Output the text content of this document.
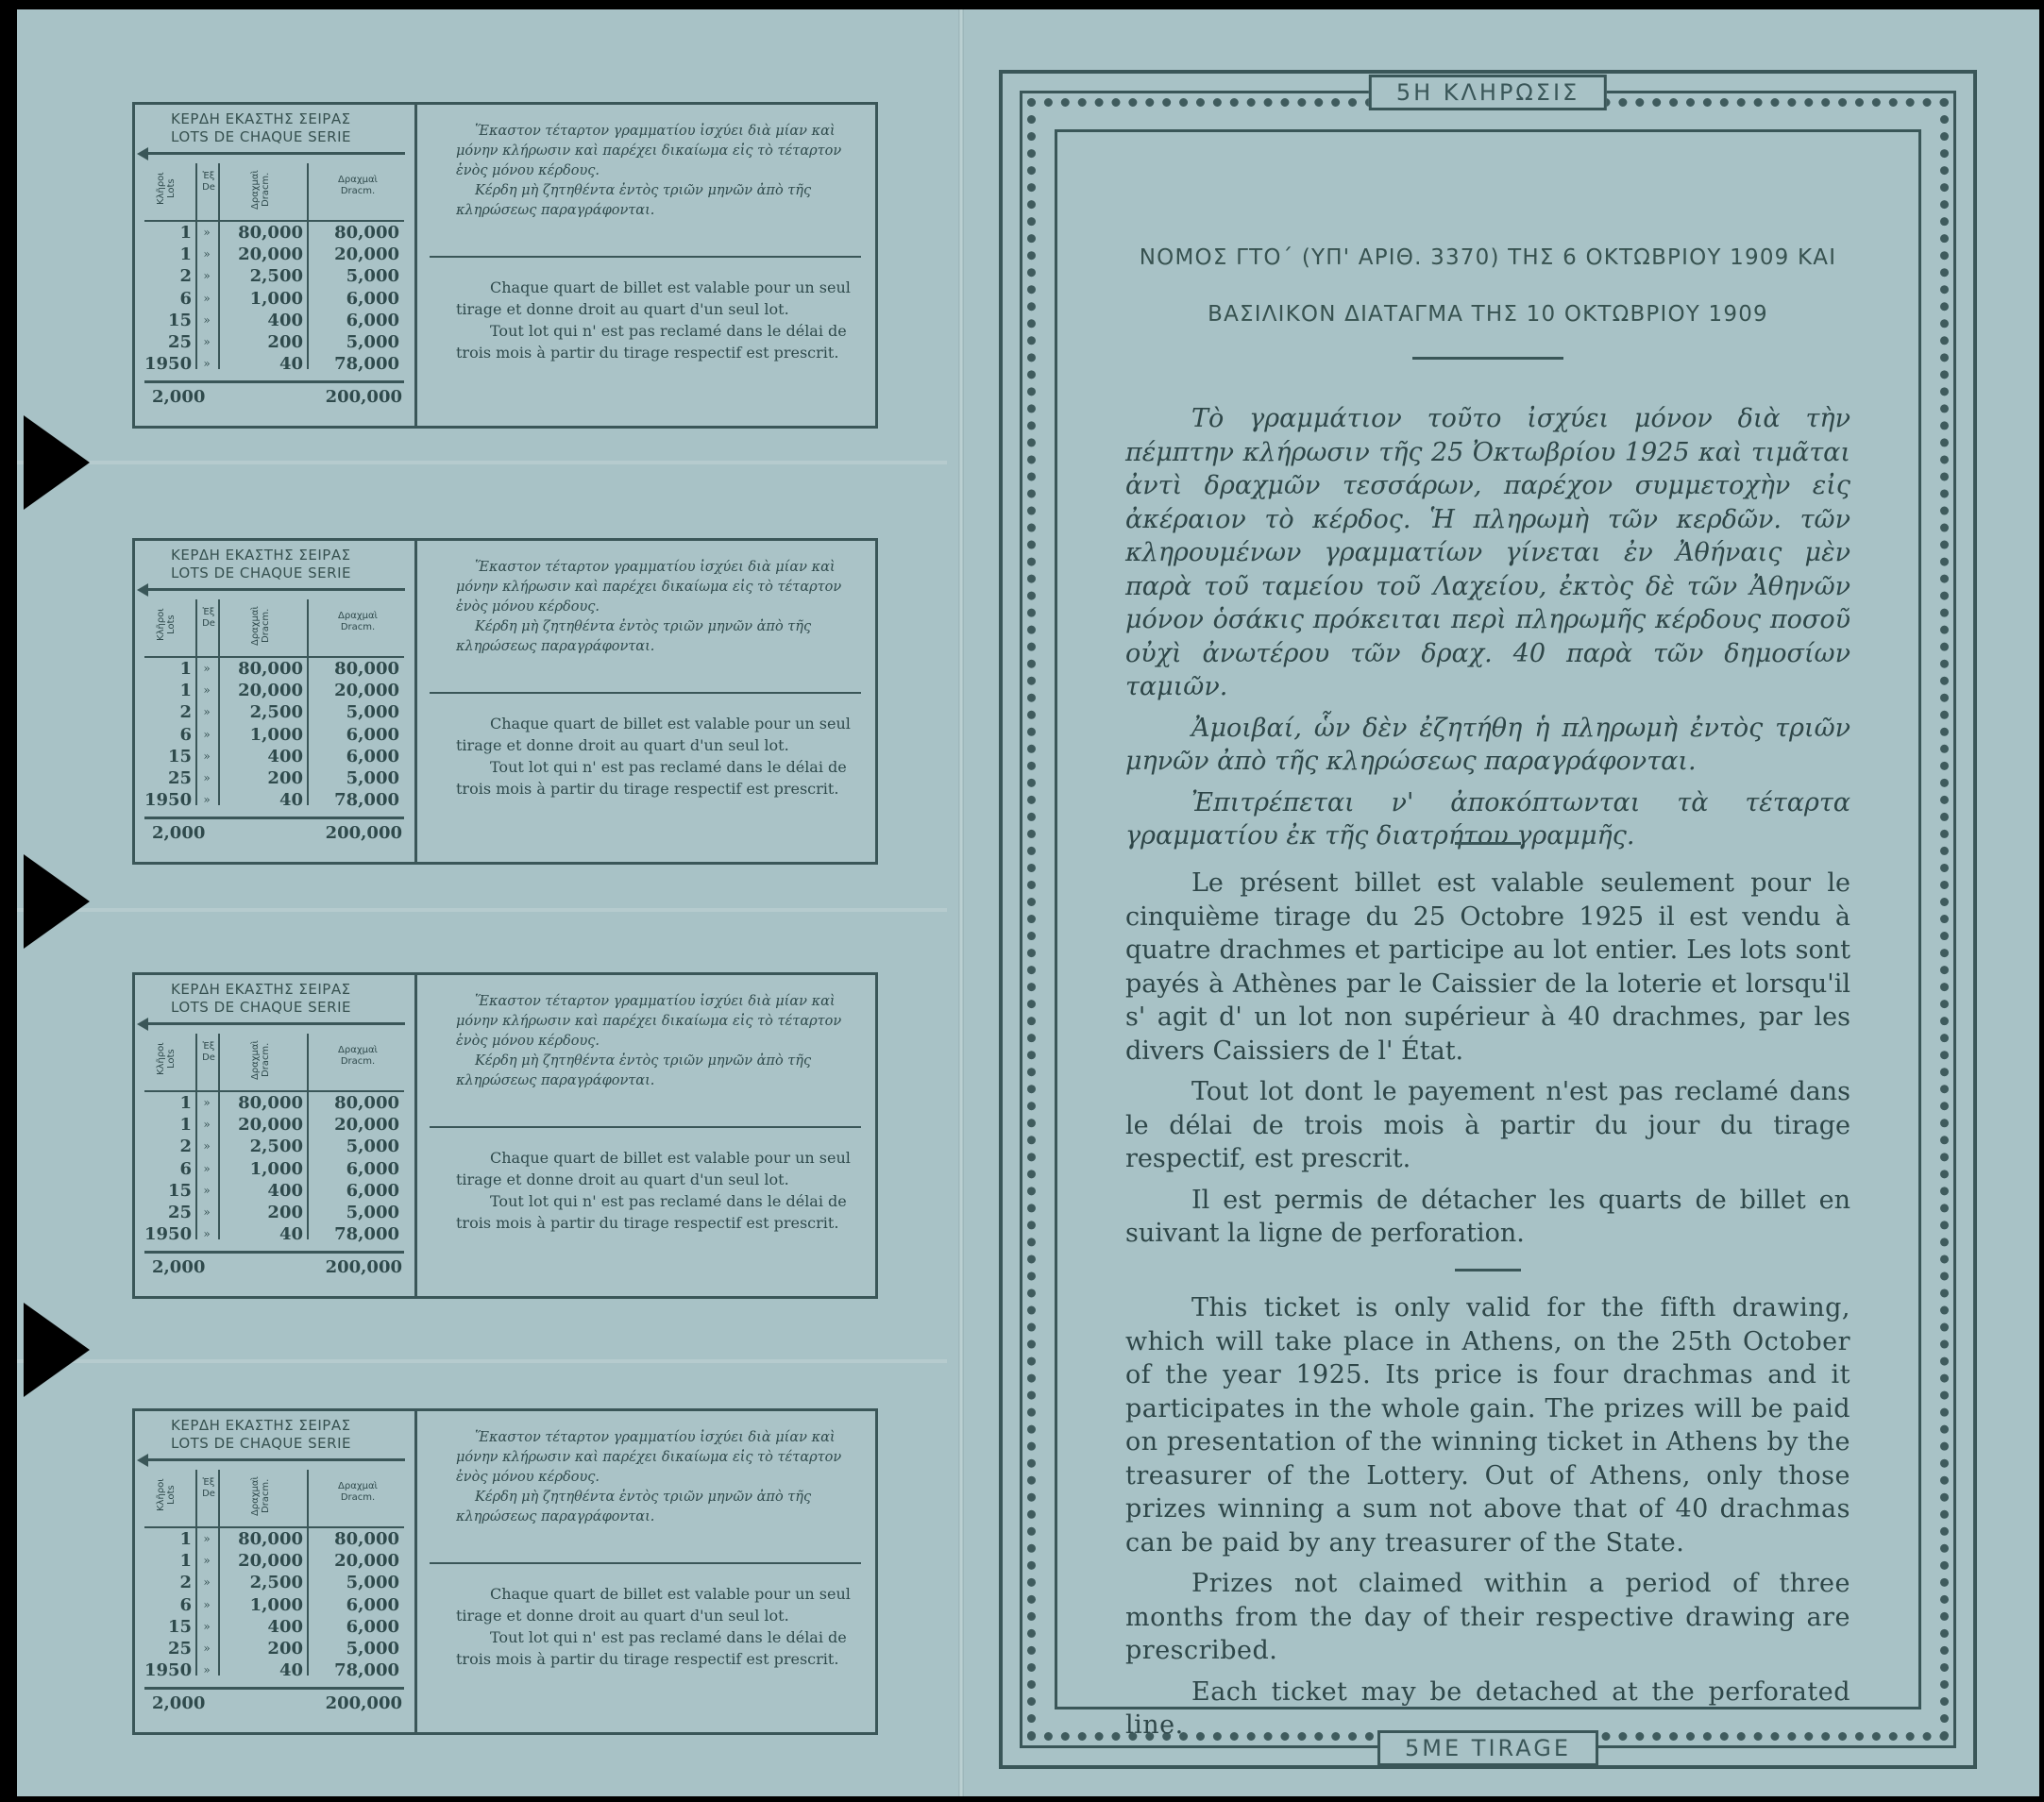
ΚΕΡΔΗ ΕΚΑΣΤΗΣ ΣΕΙΡΑΣ
LOTS DE CHAQUE SERIE
Κλῆροι Lots
Ἐξ De	Δραχμαὶ Dracm.	Δραχμαὶ Dracm.
1	»	80,000	80,000
1	»	20,000	20,000
2	»	2,500	5,000
6	»	1,000	6,000
15	»	400	6,000
25	»	200	5,000
1950	»	40	78,000
2,000	200,000

Ἕκαστον τέταρτον γραμματίου ἰσχύει διὰ μίαν καὶ μόνην κλήρωσιν καὶ παρέχει δικαίωμα εἰς τὸ τέταρτον ἑνὸς μόνου κέρδους.

Κέρδη μὴ ζητηθέντα ἐντὸς τριῶν μηνῶν ἀπὸ τῆς κληρώσεως παραγράφονται.

Chaque quart de billet est valable pour un seul tirage et donne droit au quart d'un seul lot.

Tout lot qui n' est pas reclamé dans le délai de trois mois à partir du tirage respectif est prescrit.

ΚΕΡΔΗ ΕΚΑΣΤΗΣ ΣΕΙΡΑΣ
LOTS DE CHAQUE SERIE
Κλῆροι Lots
Ἐξ De	Δραχμαὶ Dracm.	Δραχμαὶ Dracm.
1	»	80,000	80,000
1	»	20,000	20,000
2	»	2,500	5,000
6	»	1,000	6,000
15	»	400	6,000
25	»	200	5,000
1950	»	40	78,000
2,000	200,000

Ἕκαστον τέταρτον γραμματίου ἰσχύει διὰ μίαν καὶ μόνην κλήρωσιν καὶ παρέχει δικαίωμα εἰς τὸ τέταρτον ἑνὸς μόνου κέρδους.

Κέρδη μὴ ζητηθέντα ἐντὸς τριῶν μηνῶν ἀπὸ τῆς κληρώσεως παραγράφονται.

Chaque quart de billet est valable pour un seul tirage et donne droit au quart d'un seul lot.

Tout lot qui n' est pas reclamé dans le délai de trois mois à partir du tirage respectif est prescrit.

ΚΕΡΔΗ ΕΚΑΣΤΗΣ ΣΕΙΡΑΣ
LOTS DE CHAQUE SERIE
Κλῆροι Lots
Ἐξ De	Δραχμαὶ Dracm.	Δραχμαὶ Dracm.
1	»	80,000	80,000
1	»	20,000	20,000
2	»	2,500	5,000
6	»	1,000	6,000
15	»	400	6,000
25	»	200	5,000
1950	»	40	78,000
2,000	200,000

Ἕκαστον τέταρτον γραμματίου ἰσχύει διὰ μίαν καὶ μόνην κλήρωσιν καὶ παρέχει δικαίωμα εἰς τὸ τέταρτον ἑνὸς μόνου κέρδους.

Κέρδη μὴ ζητηθέντα ἐντὸς τριῶν μηνῶν ἀπὸ τῆς κληρώσεως παραγράφονται.

Chaque quart de billet est valable pour un seul tirage et donne droit au quart d'un seul lot.

Tout lot qui n' est pas reclamé dans le délai de trois mois à partir du tirage respectif est prescrit.

ΚΕΡΔΗ ΕΚΑΣΤΗΣ ΣΕΙΡΑΣ
LOTS DE CHAQUE SERIE
Κλῆροι Lots
Ἐξ De	Δραχμαὶ Dracm.	Δραχμαὶ Dracm.
1	»	80,000	80,000
1	»	20,000	20,000
2	»	2,500	5,000
6	»	1,000	6,000
15	»	400	6,000
25	»	200	5,000
1950	»	40	78,000
2,000	200,000

Ἕκαστον τέταρτον γραμματίου ἰσχύει διὰ μίαν καὶ μόνην κλήρωσιν καὶ παρέχει δικαίωμα εἰς τὸ τέταρτον ἑνὸς μόνου κέρδους.

Κέρδη μὴ ζητηθέντα ἐντὸς τριῶν μηνῶν ἀπὸ τῆς κληρώσεως παραγράφονται.

Chaque quart de billet est valable pour un seul tirage et donne droit au quart d'un seul lot.

Tout lot qui n' est pas reclamé dans le délai de trois mois à partir du tirage respectif est prescrit.

5Η ΚΛΗΡΩΣΙΣ
5ME TIRAGE
ΝΟΜΟΣ ΓΤΟ΄ (ΥΠ' ΑΡΙΘ. 3370) ΤΗΣ 6 ΟΚΤΩΒΡΙΟΥ 1909 ΚΑΙ
ΒΑΣΙΛΙΚΟΝ ΔΙΑΤΑΓΜΑ ΤΗΣ 10 ΟΚΤΩΒΡΙΟΥ 1909

Τὸ γραμμάτιον τοῦτο ἰσχύει μόνον διὰ τὴν πέμπτην κλήρωσιν τῆς 25 Ὀκτωβρίου 1925 καὶ τιμᾶται ἀντὶ δραχμῶν τεσσάρων, παρέχον συμμετοχὴν εἰς ἀκέραιον τὸ κέρδος. Ἡ πληρωμὴ τῶν κερδῶν. τῶν κληρουμένων γραμματίων γίνεται ἐν Ἀθήναις μὲν παρὰ τοῦ ταμείου τοῦ Λαχείου, ἐκτὸς δὲ τῶν Ἀθηνῶν μόνον ὁσάκις πρόκειται περὶ πληρωμῆς κέρδους ποσοῦ οὐχὶ ἀνωτέρου τῶν δραχ. 40 παρὰ τῶν δημοσίων ταμιῶν.

Ἀμοιβαί, ὧν δὲν ἐζητήθη ἡ πληρωμὴ ἐντὸς τριῶν μηνῶν ἀπὸ τῆς κληρώσεως παραγράφονται.

Ἐπιτρέπεται ν' ἀποκόπτωνται τὰ τέταρτα γραμματίου ἐκ τῆς διατρήτου γραμμῆς.

Le présent billet est valable seulement pour le cinquième tirage du 25 Octobre 1925 il est vendu à quatre drachmes et participe au lot entier. Les lots sont payés à Athènes par le Caissier de la loterie et lorsqu'il s' agit d' un lot non supérieur à 40 drachmes, par les divers Caissiers de l' État.

Tout lot dont le payement n'est pas reclamé dans le délai de trois mois à partir du jour du tirage respectif, est prescrit.

Il est permis de détacher les quarts de billet en suivant la ligne de perforation.

This ticket is only valid for the fifth drawing, which will take place in Athens, on the 25th October of the year 1925. Its price is four drachmas and it participates in the whole gain. The prizes will be paid on presentation of the winning ticket in Athens by the treasurer of the Lottery. Out of Athens, only those prizes winning a sum not above that of 40 drachmas can be paid by any treasurer of the State.

Prizes not claimed within a period of three months from the day of their respective drawing are prescribed.

Each ticket may be detached at the perforated line.
